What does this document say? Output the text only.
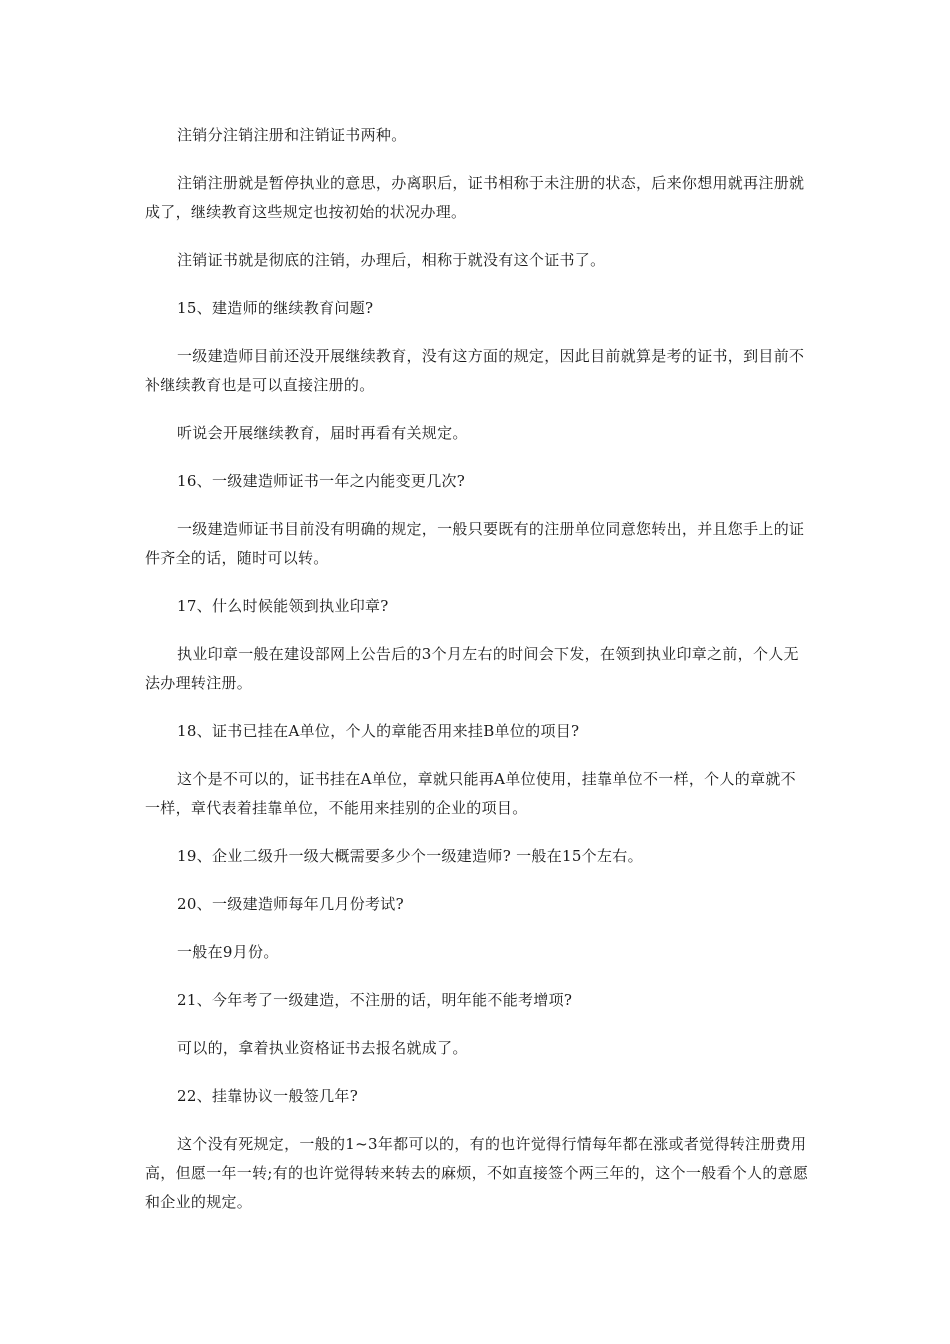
注销分注销注册和注销证书两种。

注销注册就是暂停执业的意思，办离职后，证书相称于未注册的状态，后来你想用就再注册就成了，继续教育这些规定也按初始的状况办理。

注销证书就是彻底的注销，办理后，相称于就没有这个证书了。

15、建造师的继续教育问题?

一级建造师目前还没开展继续教育，没有这方面的规定，因此目前就算是考的证书，到目前不补继续教育也是可以直接注册的。

听说会开展继续教育，届时再看有关规定。

16、一级建造师证书一年之内能变更几次?

一级建造师证书目前没有明确的规定，一般只要既有的注册单位同意您转出，并且您手上的证件齐全的话，随时可以转。

17、什么时候能领到执业印章?

执业印章一般在建设部网上公告后的3个月左右的时间会下发，在领到执业印章之前，个人无法办理转注册。

18、证书已挂在A单位，个人的章能否用来挂B单位的项目?

这个是不可以的，证书挂在A单位，章就只能再A单位使用，挂靠单位不一样，个人的章就不一样，章代表着挂靠单位，不能用来挂别的企业的项目。

19、企业二级升一级大概需要多少个一级建造师? 一般在15个左右。

20、一级建造师每年几月份考试?

一般在9月份。

21、今年考了一级建造，不注册的话，明年能不能考增项?

可以的，拿着执业资格证书去报名就成了。

22、挂靠协议一般签几年?

这个没有死规定，一般的1~3年都可以的，有的也许觉得行情每年都在涨或者觉得转注册费用高，但愿一年一转;有的也许觉得转来转去的麻烦，不如直接签个两三年的，这个一般看个人的意愿和企业的规定。
